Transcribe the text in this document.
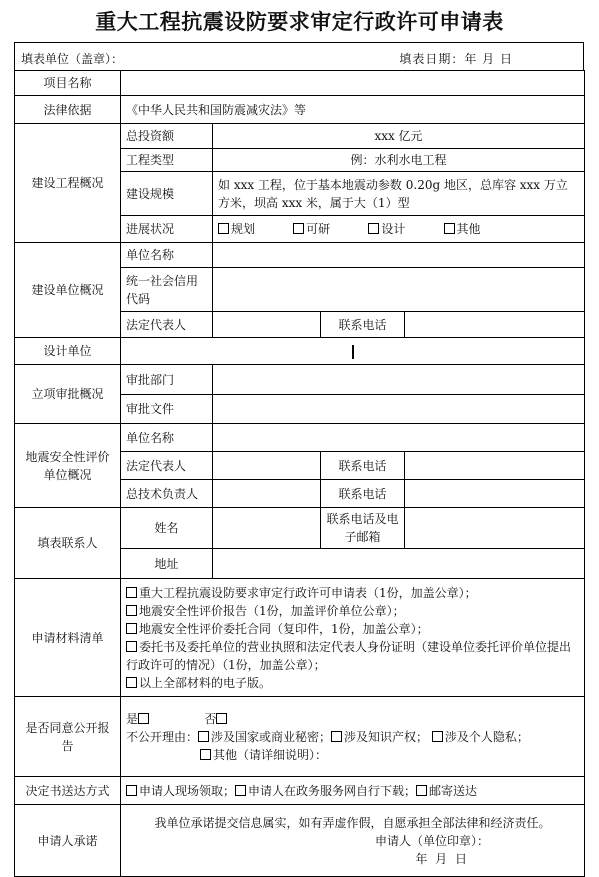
重大工程抗震设防要求审定行政许可申请表
填表单位（盖章）：	填表日期：年 月 日
项目名称				
法律依据	《中华人民共和国防震减灾法》等			
建设工程概况	总投资额	xxx 亿元		
	工程类型	例：水利水电工程		
	建设规模	如 xxx 工程，位于基本地震动参数 0.20g 地区，总库容 xxx 万立方米，坝高 xxx 米，属于大（1）型		
	进展状况	规划 可研 设计 其他		
建设单位概况	单位名称			
	统一社会信用代码			
	法定代表人		联系电话	
设计单位				
立项审批概况	审批部门			
	审批文件			
地震安全性评价单位概况	单位名称			
	法定代表人		联系电话	
	总技术负责人		联系电话	
填表联系人	姓名		联系电话及电子邮箱	
	地址			
申请材料清单	重大工程抗震设防要求审定行政许可申请表（1份，加盖公章）；
地震安全性评价报告（1份，加盖评价单位公章）；
地震安全性评价委托合同（复印件，1份，加盖公章）；
委托书及委托单位的营业执照和法定代表人身份证明（建设单位委托评价单位提出行政许可的情况）（1份，加盖公章）；
以上全部材料的电子版。			

是否同意公开报告	是 否
不公开理由： 涉及国家或商业秘密； 涉及知识产权； 涉及个人隐私；
其他（请详细说明）：			

决定书送达方式	申请人现场领取； 申请人在政务服务网自行下载； 邮寄送达			
申请人承诺	我单位承诺提交信息属实，如有弄虚作假，自愿承担全部法律和经济责任。
申请人（单位印章）：
年 月 日			
